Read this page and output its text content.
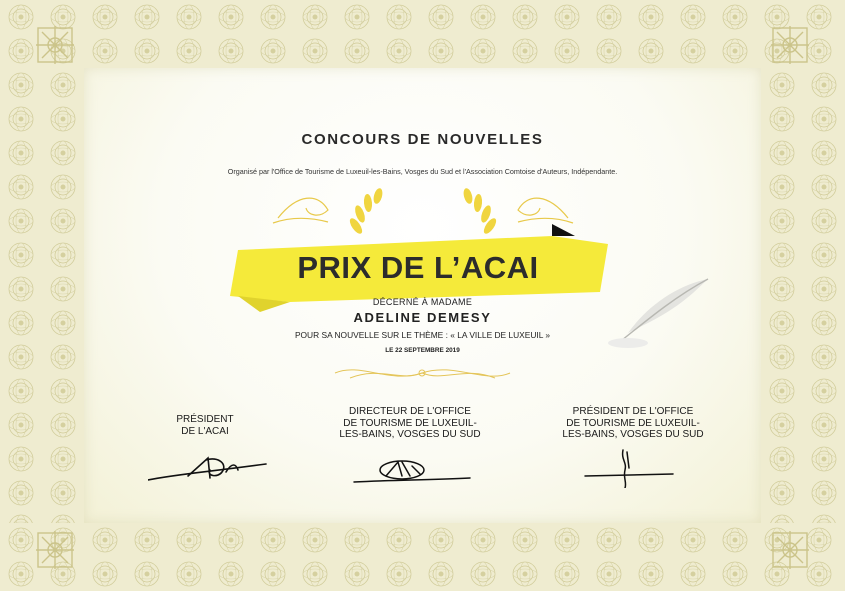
CONCOURS DE NOUVELLES
Organisé par l'Office de Tourisme de Luxeuil-les-Bains, Vosges du Sud et l'Association Comtoise d'Auteurs, Indépendante.
PRIX DE L’ACAI
DÉCERNÉ À MADAME
ADELINE DEMESY
POUR SA NOUVELLE SUR LE THÈME : « LA VILLE DE LUXEUIL »
LE 22 SEPTEMBRE 2019
PRÉSIDENT
DE L'ACAI
DIRECTEUR DE L'OFFICE
DE TOURISME DE LUXEUIL-
LES-BAINS, VOSGES DU SUD
PRÉSIDENT DE L'OFFICE
DE TOURISME DE LUXEUIL-
LES-BAINS, VOSGES DU SUD
